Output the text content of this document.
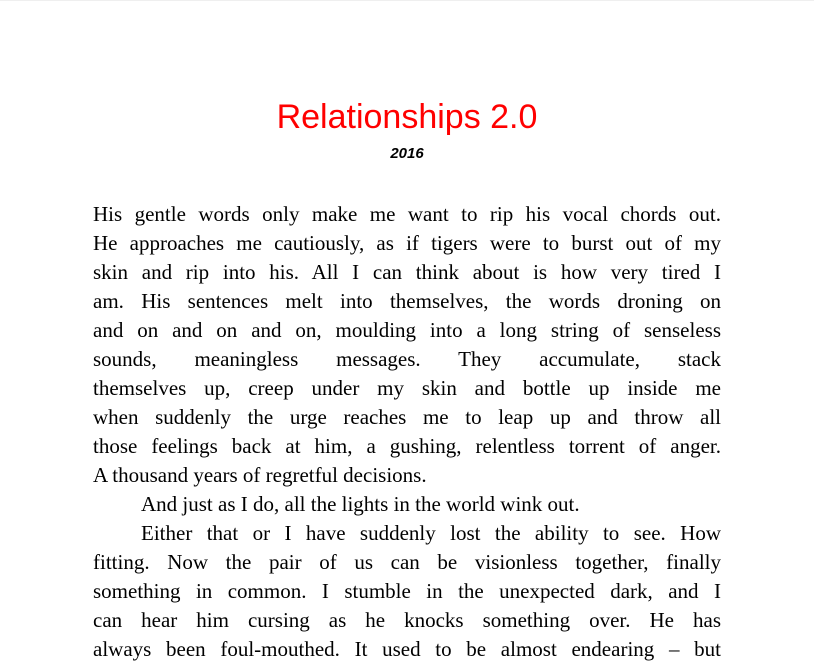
Relationships 2.0
2016
His gentle words only make me want to rip his vocal chords out.
He approaches me cautiously, as if tigers were to burst out of my
skin and rip into his. All I can think about is how very tired I
am. His sentences melt into themselves, the words droning on
and on and on and on, moulding into a long string of senseless
sounds, meaningless messages. They accumulate, stack
themselves up, creep under my skin and bottle up inside me
when suddenly the urge reaches me to leap up and throw all
those feelings back at him, a gushing, relentless torrent of anger.
A thousand years of regretful decisions.
And just as I do, all the lights in the world wink out.
Either that or I have suddenly lost the ability to see. How
fitting. Now the pair of us can be visionless together, finally
something in common. I stumble in the unexpected dark, and I
can hear him cursing as he knocks something over. He has
always been foul-mouthed. It used to be almost endearing – but
